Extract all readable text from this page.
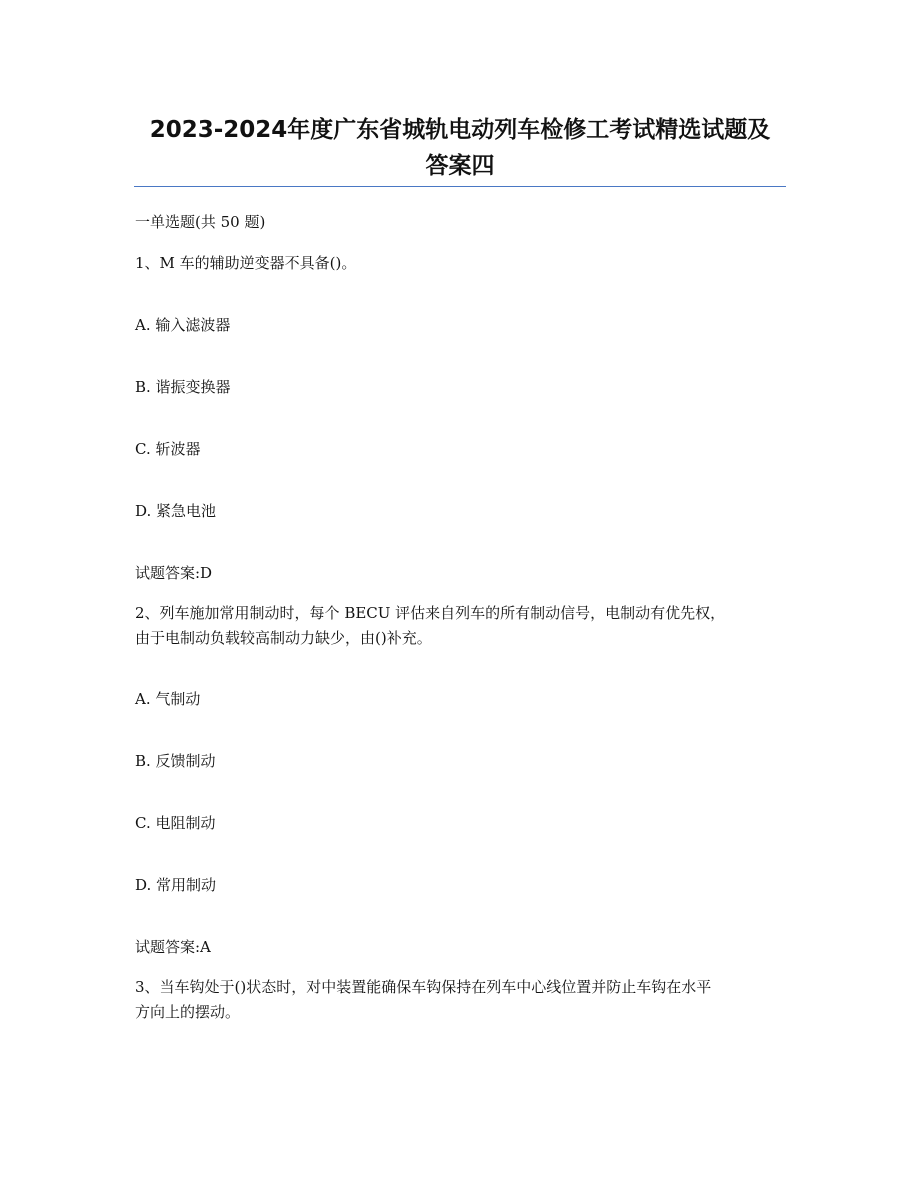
2023-2024年度广东省城轨电动列车检修工考试精选试题及
答案四
一单选题(共 50 题)
1、M 车的辅助逆变器不具备()。
A. 输入滤波器
B. 谐振变换器
C. 斩波器
D. 紧急电池
试题答案:D
2、列车施加常用制动时，每个 BECU 评估来自列车的所有制动信号，电制动有优先权，
由于电制动负载较高制动力缺少，由()补充。
A. 气制动
B. 反馈制动
C. 电阻制动
D. 常用制动
试题答案:A
3、当车钩处于()状态时，对中装置能确保车钩保持在列车中心线位置并防止车钩在水平
方向上的摆动。
